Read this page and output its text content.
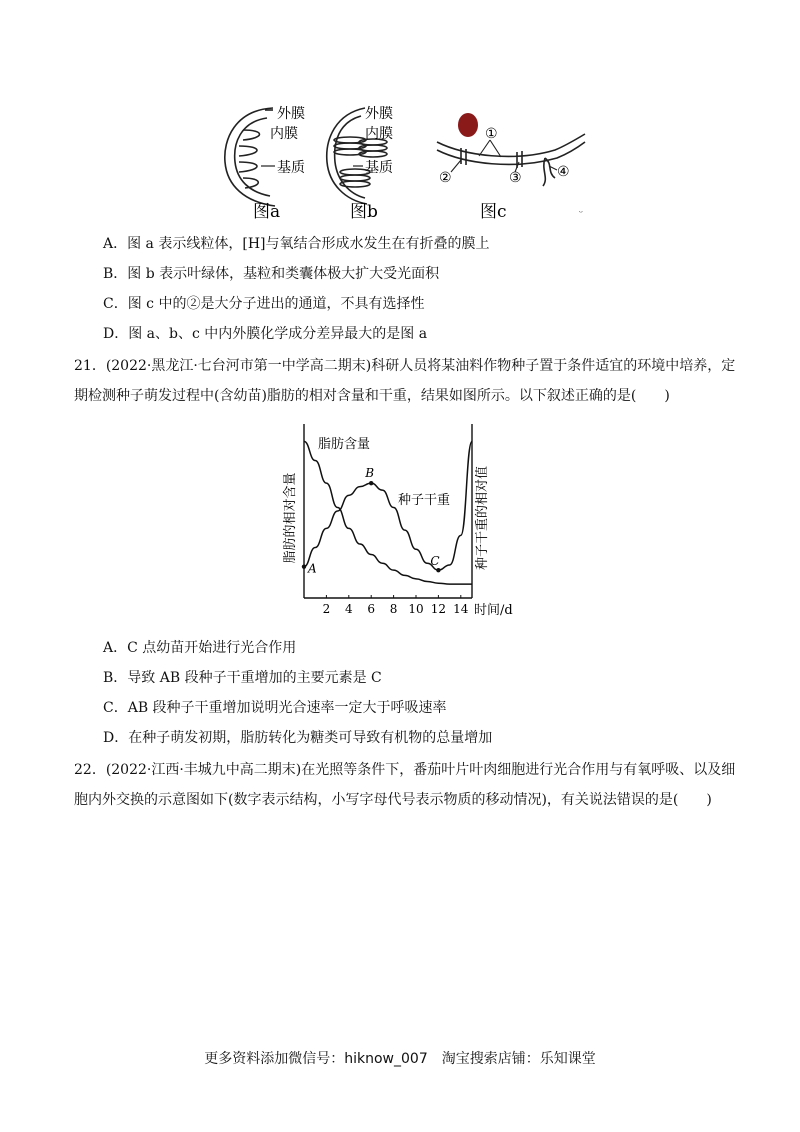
外膜
内膜
基质
图a
外膜
内膜
基质
图b
①
②	③	④
图c	ᵕ
A．图 a 表示线粒体，[H]与氧结合形成水发生在有折叠的膜上
B．图 b 表示叶绿体，基粒和类囊体极大扩大受光面积
C．图 c 中的②是大分子进出的通道，不具有选择性
D．图 a、b、c 中内外膜化学成分差异最大的是图 a
21．(2022·黑龙江·七台河市第一中学高二期末)科研人员将某油料作物种子置于条件适宜的环境中培养，定
期检测种子萌发过程中(含幼苗)脂肪的相对含量和干重，结果如图所示。以下叙述正确的是(　　)
脂肪的相对含量	种子干重的相对值
2 4 6 8 10 12 14
A
B
C
时间/d
脂肪含量
种子干重
A．C 点幼苗开始进行光合作用
B．导致 AB 段种子干重增加的主要元素是 C
C．AB 段种子干重增加说明光合速率一定大于呼吸速率
D．在种子萌发初期，脂肪转化为糖类可导致有机物的总量增加
22．(2022·江西·丰城九中高二期末)在光照等条件下，番茄叶片叶肉细胞进行光合作用与有氧呼吸、以及细
胞内外交换的示意图如下(数字表示结构，小写字母代号表示物质的移动情况)，有关说法错误的是(　　)
更多资料添加微信号：hiknow_007　淘宝搜索店铺：乐知课堂
